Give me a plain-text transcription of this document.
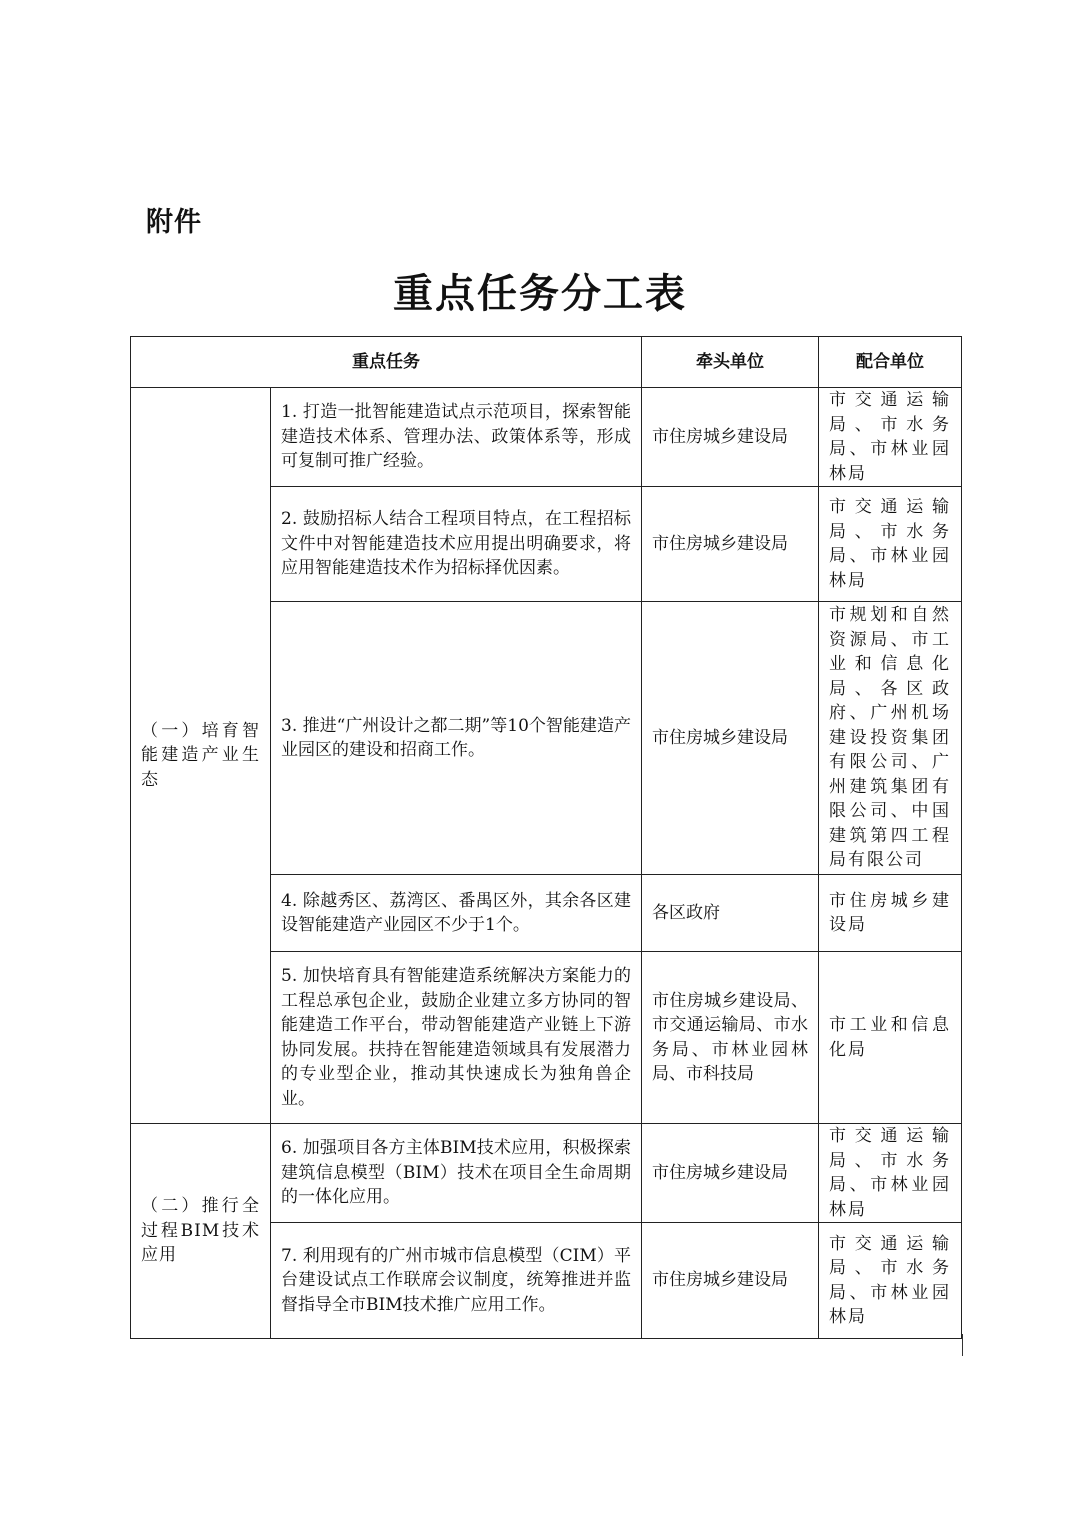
附件
重点任务分工表
重点任务		牵头单位	配合单位
（一）培育智能建造产业生态	1. 打造一批智能建造试点示范项目，探索智能建造技术体系、管理办法、政策体系等，形成可复制可推广经验。	市住房城乡建设局	市交通运输局、市水务局、市林业园林局
	2. 鼓励招标人结合工程项目特点，在工程招标文件中对智能建造技术应用提出明确要求，将应用智能建造技术作为招标择优因素。	市住房城乡建设局	市交通运输局、市水务局、市林业园林局
	3. 推进“广州设计之都二期”等10个智能建造产业园区的建设和招商工作。	市住房城乡建设局	市规划和自然资源局、市工业和信息化局、各区政府、广州机场建设投资集团有限公司、广州建筑集团有限公司、中国建筑第四工程局有限公司
	4. 除越秀区、荔湾区、番禺区外，其余各区建设智能建造产业园区不少于1个。	各区政府	市住房城乡建设局
	5. 加快培育具有智能建造系统解决方案能力的工程总承包企业，鼓励企业建立多方协同的智能建造工作平台，带动智能建造产业链上下游协同发展。扶持在智能建造领域具有发展潜力的专业型企业，推动其快速成长为独角兽企业。	市住房城乡建设局、市交通运输局、市水务局、市林业园林局、市科技局	市工业和信息化局
（二）推行全过程BIM技术应用	6. 加强项目各方主体BIM技术应用，积极探索建筑信息模型（BIM）技术在项目全生命周期的一体化应用。	市住房城乡建设局	市交通运输局、市水务局、市林业园林局
	7. 利用现有的广州市城市信息模型（CIM）平台建设试点工作联席会议制度，统筹推进并监督指导全市BIM技术推广应用工作。	市住房城乡建设局	市交通运输局、市水务局、市林业园林局
